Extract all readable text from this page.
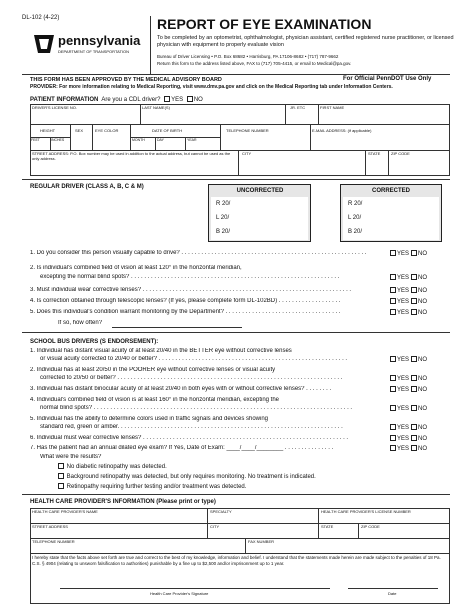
DL-102 (4-22)
pennsylvania
DEPARTMENT OF TRANSPORTATION
REPORT OF EYE EXAMINATION
To be completed by an optometrist, ophthalmologist, physician assistant, certified registered nurse practitioner, or licensed physician with equipment to properly evaluate vision
Bureau of Driver Licensing • P.O. Box 68682 • Harrisburg, PA 17106-8682 • (717) 787-9662
Return this form to the address listed above, FAX to (717) 705-4415, or email to Medical@pa.gov.
THIS FORM HAS BEEN APPROVED BY THE MEDICAL ADVISORY BOARD	For Official PennDOT Use Only
PROVIDER: For more information relating to Medical Reporting, visit www.dmv.pa.gov and click on the Medical Reporting tab under Information Centers.
PATIENT INFORMATION Are you a CDL driver? YES NO
DRIVER'S LICENSE NO.	LAST NAME(S)	JR. ETC	FIRST NAME
HEIGHT	SEX	EYE COLOR	DATE OF BIRTH	TELEPHONE NUMBER	E-MAIL ADDRESS: (if applicable)
FEET	INCHES	MONTH	DAY	YEAR
STREET ADDRESS: P.O. Box number may be used in addition to the actual address, but cannot be used as the only address.
CITY	STATE	ZIP CODE
REGULAR DRIVER (CLASS A, B, C & M)
UNCORRECTED	CORRECTED
R 20/
L 20/
B 20/
R 20/
L 20/
B 20/
1. Do you consider this person visually capable to drive? . . . . . . . . . . . . . . . . . . . . . . . . . . . . . . . . . . . . . . . . . . . . . . . . . . . . . . . .	YES NO
2. Is individual's combined field of vision at least 120° in the horizontal meridian,
excepting the normal blind spots? . . . . . . . . . . . . . . . . . . . . . . . . . . . . . . . . . . . . . . . . . . . . . . . . . . . . . . . . . . . . . . .	YES NO
3. Must individual wear corrective lenses? . . . . . . . . . . . . . . . . . . . . . . . . . . . . . . . . . . . . . . . . . . . . . . . . . . . . . . . . . . . . . . .	YES NO
4. Is correction obtained through telescopic lenses? (If yes, please complete form DL-102BD) . . . . . . . . . . . . . . . . . . .	YES NO
5. Does this individual's condition warrant monitoring by the Department? . . . . . . . . . . . . . . . . . . . . . . . . . . . . . . . . . . .	YES NO
If so, how often?
SCHOOL BUS DRIVERS (S ENDORSEMENT):
1. Individual has distant visual acuity of at least 20/40 in the BETTER eye without corrective lenses
or visual acuity corrected to 20/40 or better? . . . . . . . . . . . . . . . . . . . . . . . . . . . . . . . . . . . . . . . . . . . . . . . . . . . . . . . . .	YES NO
2. Individual has at least 20/50 in the POORER eye without corrective lenses or visual acuity
corrected to 20/50 or better? . . . . . . . . . . . . . . . . . . . . . . . . . . . . . . . . . . . . . . . . . . . . . . . . . . . . . . . . . . . . . . . . . . . .	YES NO
3. Individual has distant binocular acuity of at least 20/40 in both eyes with or without corrective lenses? . . . . . . . .	YES NO
4. Individual's combined field of vision is at least 160° in the horizontal meridian, excepting the
normal blind spots? . . . . . . . . . . . . . . . . . . . . . . . . . . . . . . . . . . . . . . . . . . . . . . . . . . . . . . . . . . . . . . . . . . . . . . . . . . . . . .	YES NO
5. Individual has the ability to determine colors used in traffic signals and devices showing
standard red, green or amber. . . . . . . . . . . . . . . . . . . . . . . . . . . . . . . . . . . . . . . . . . . . . . . . . . . . . . . . . . . . . . . . . . . .	YES NO
6. Individual must wear corrective lenses? . . . . . . . . . . . . . . . . . . . . . . . . . . . . . . . . . . . . . . . . . . . . . . . . . . . . . . . . . . . . . .	YES NO
7. Has the patient had an annual dilated eye exam? If Yes, Date of Exam: ____/____/________ . . . . . . . . . . . . . . .	YES NO
What were the results?
No diabetic retinopathy was detected.
Background retinopathy was detected, but only requires monitoring. No treatment is indicated.
Retinopathy requiring further testing and/or treatment was detected.
HEALTH CARE PROVIDER'S INFORMATION (Please print or type)
HEALTH CARE PROVIDER'S NAME	SPECIALTY	HEALTH CARE PROVIDER'S LICENSE NUMBER
STREET ADDRESS	CITY	STATE	ZIP CODE
TELEPHONE NUMBER	FAX NUMBER
I hereby state that the facts above set forth are true and correct to the best of my knowledge, information and belief. I understand that the statements made herein are made subject to the penalties of 18 Pa. C.S. § 4904 (relating to unsworn falsification to authorities) punishable by a fine up to $2,500 and/or imprisonment up to 1 year.
Health Care Provider's Signature	Date
